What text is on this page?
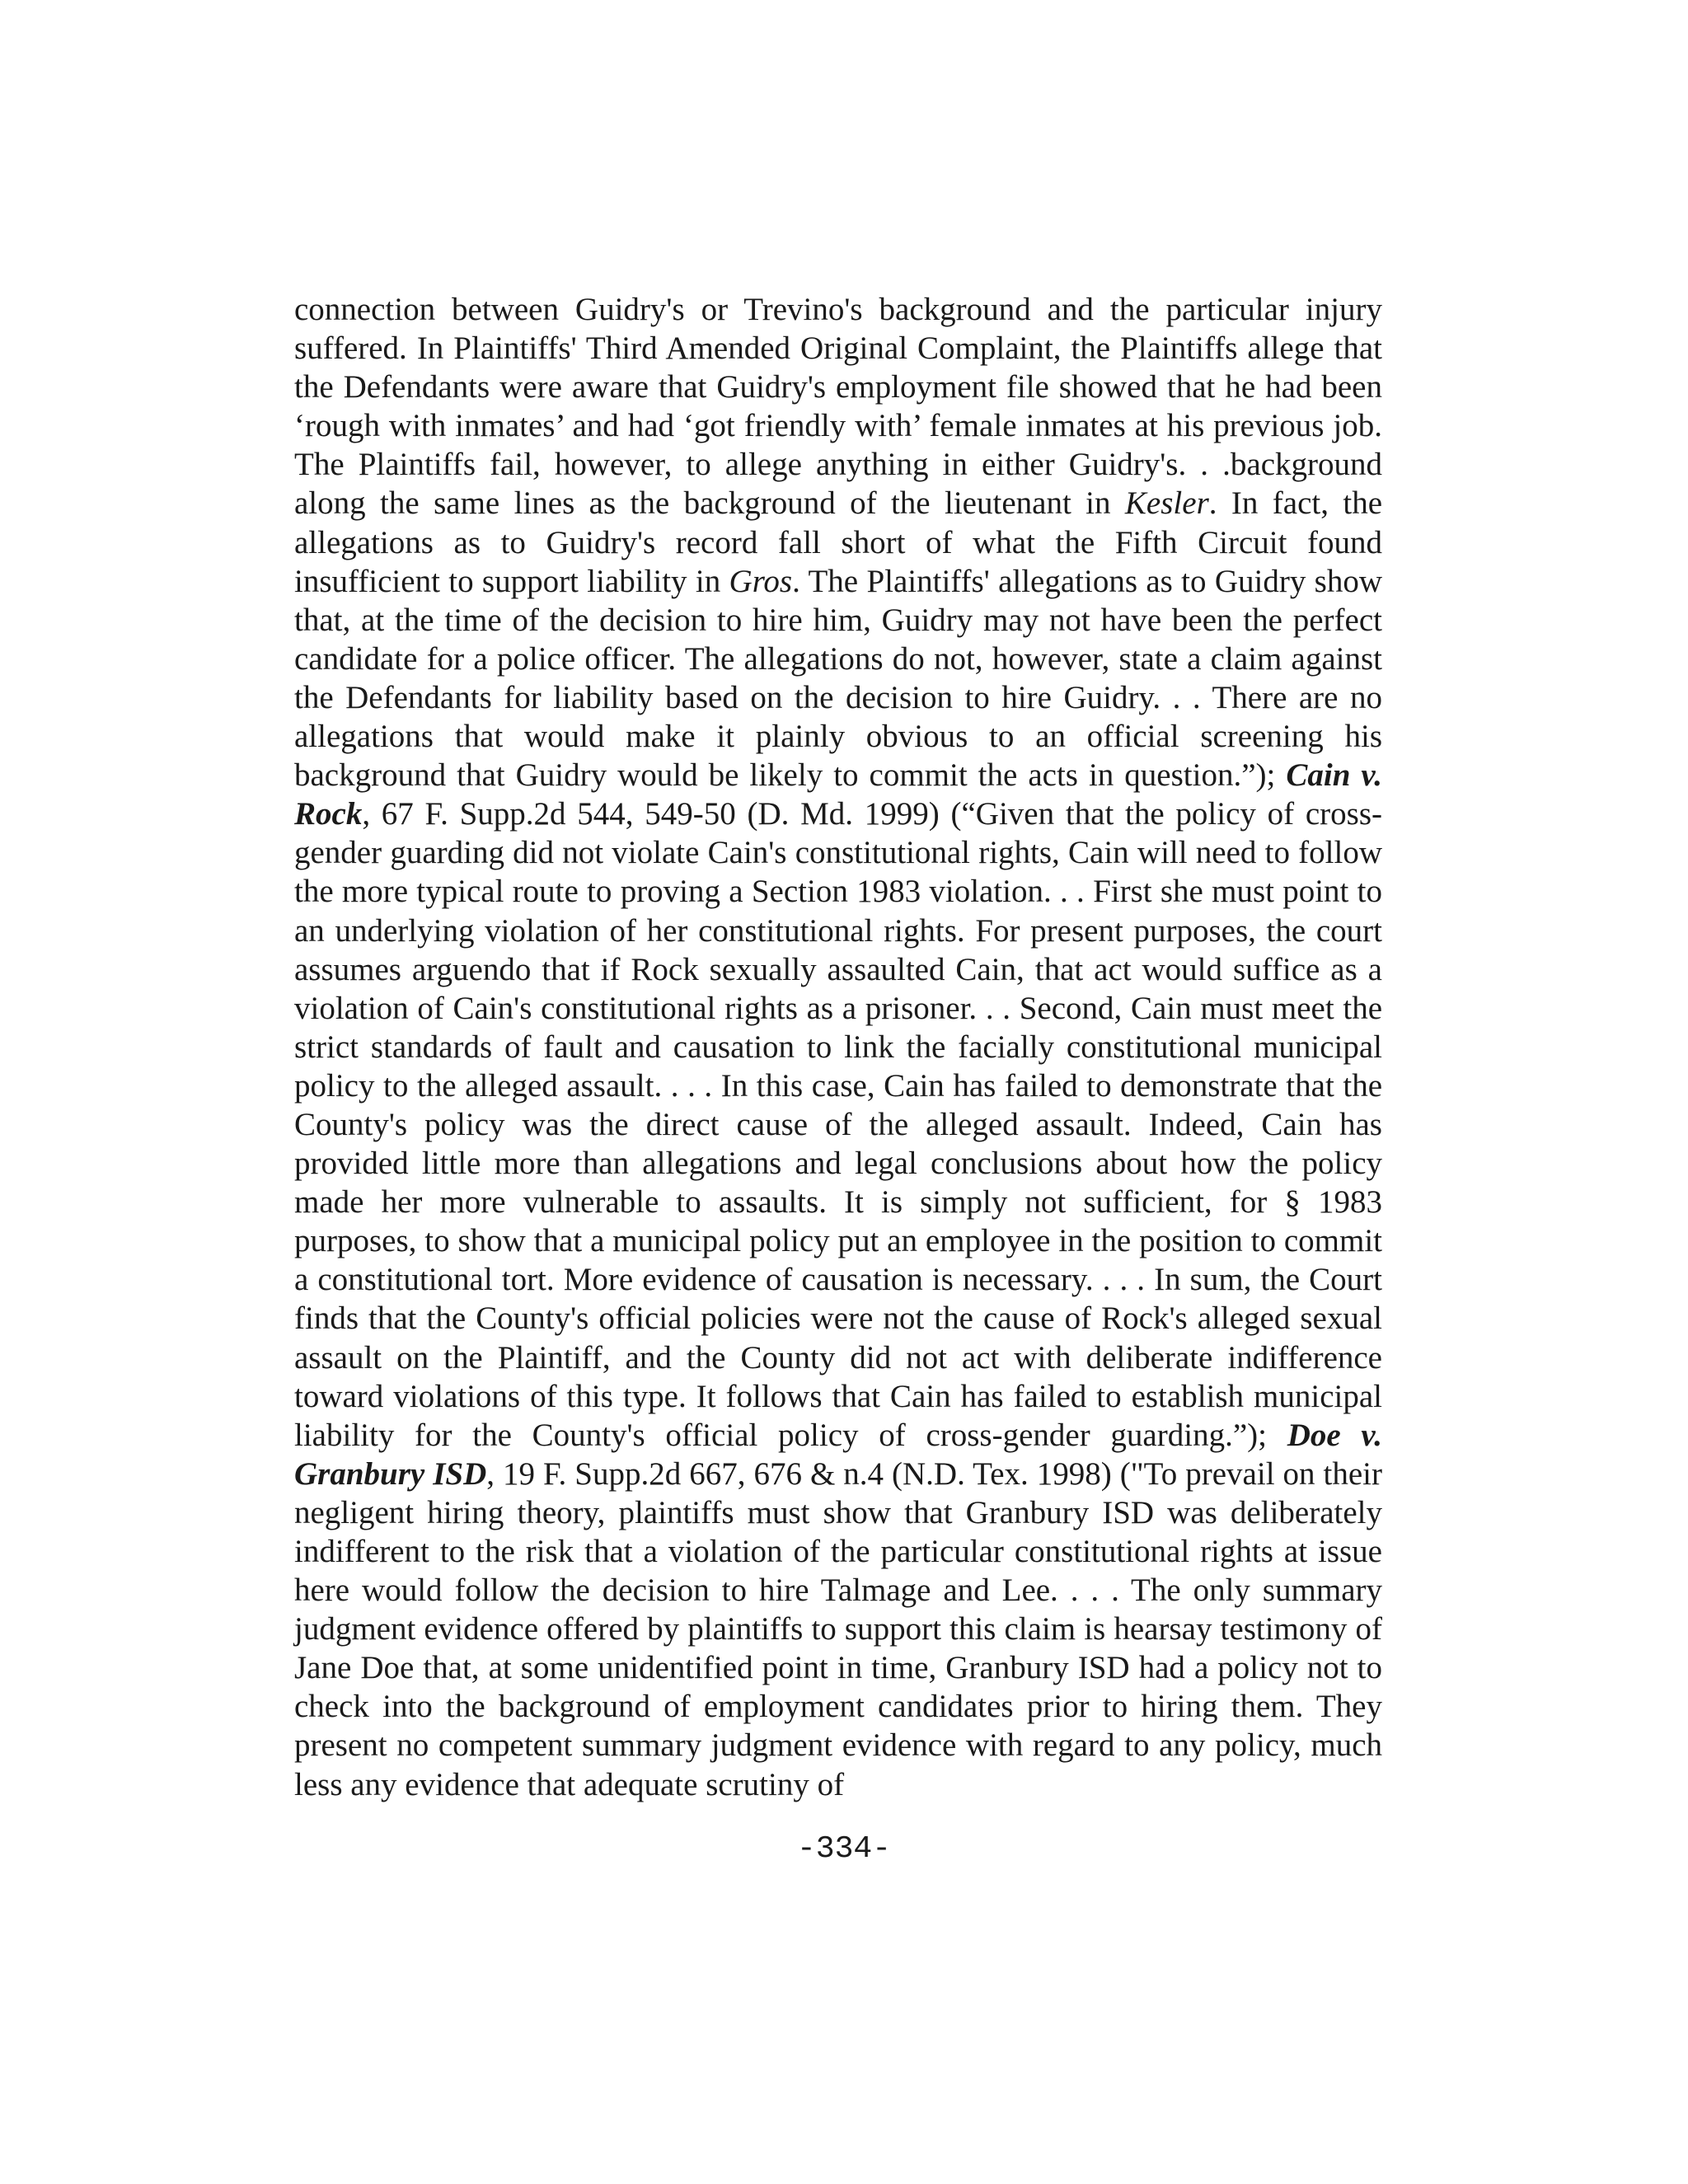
connection between Guidry's or Trevino's background and the particular injury suffered. In Plaintiffs' Third Amended Original Complaint, the Plaintiffs allege that the Defendants were aware that Guidry's employment file showed that he had been ‘rough with inmates’ and had ‘got friendly with’ female inmates at his previous job. The Plaintiffs fail, however, to allege anything in either Guidry's. . .background along the same lines as the background of the lieutenant in Kesler. In fact, the allegations as to Guidry's record fall short of what the Fifth Circuit found insufficient to support liability in Gros. The Plaintiffs' allegations as to Guidry show that, at the time of the decision to hire him, Guidry may not have been the perfect candidate for a police officer. The allegations do not, however, state a claim against the Defendants for liability based on the decision to hire Guidry. . . There are no allegations that would make it plainly obvious to an official screening his background that Guidry would be likely to commit the acts in question.”); Cain v. Rock, 67 F. Supp.2d 544, 549-50 (D. Md. 1999) (“Given that the policy of cross-gender guarding did not violate Cain's constitutional rights, Cain will need to follow the more typical route to proving a Section 1983 violation. . . First she must point to an underlying violation of her constitutional rights. For present purposes, the court assumes arguendo that if Rock sexually assaulted Cain, that act would suffice as a violation of Cain's constitutional rights as a prisoner. . . Second, Cain must meet the strict standards of fault and causation to link the facially constitutional municipal policy to the alleged assault. . . . In this case, Cain has failed to demonstrate that the County's policy was the direct cause of the alleged assault. Indeed, Cain has provided little more than allegations and legal conclusions about how the policy made her more vulnerable to assaults. It is simply not sufficient, for § 1983 purposes, to show that a municipal policy put an employee in the position to commit a constitutional tort. More evidence of causation is necessary. . . . In sum, the Court finds that the County's official policies were not the cause of Rock's alleged sexual assault on the Plaintiff, and the County did not act with deliberate indifference toward violations of this type. It follows that Cain has failed to establish municipal liability for the County's official policy of cross-gender guarding.”); Doe v. Granbury ISD, 19 F. Supp.2d 667, 676 & n.4 (N.D. Tex. 1998) ("To prevail on their negligent hiring theory, plaintiffs must show that Granbury ISD was deliberately indifferent to the risk that a violation of the particular constitutional rights at issue here would follow the decision to hire Talmage and Lee. . . . The only summary judgment evidence offered by plaintiffs to support this claim is hearsay testimony of Jane Doe that, at some unidentified point in time, Granbury ISD had a policy not to check into the background of employment candidates prior to hiring them. They present no competent summary judgment evidence with regard to any policy, much less any evidence that adequate scrutiny of

-334-
